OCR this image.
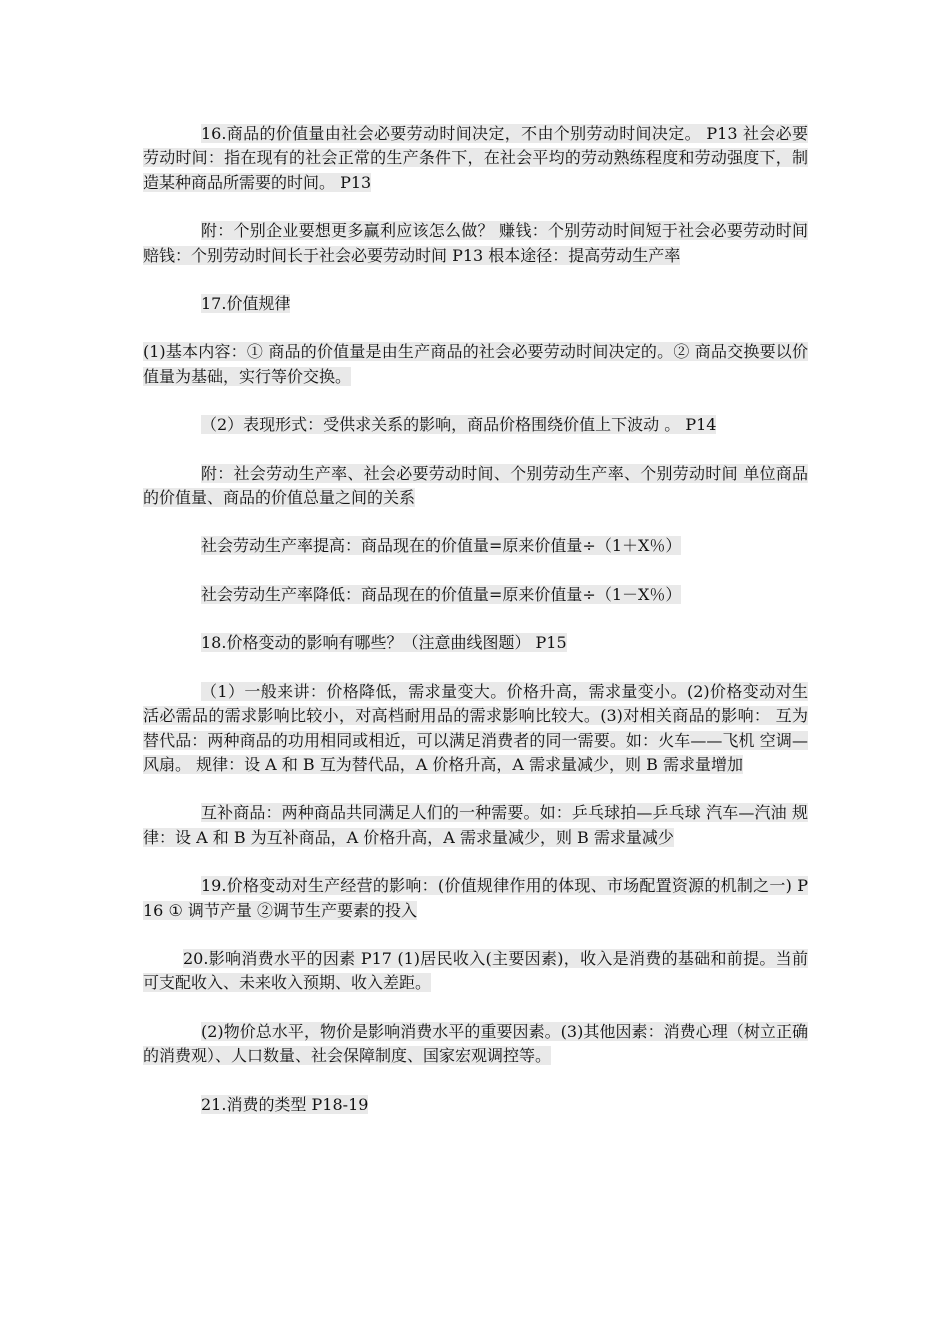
16.商品的价值量由社会必要劳动时间决定，不由个别劳动时间决定。 P13 社会必要劳动时间：指在现有的社会正常的生产条件下，在社会平均的劳动熟练程度和劳动强度下，制造某种商品所需要的时间。 P13

附：个别企业要想更多赢利应该怎么做？ 赚钱：个别劳动时间短于社会必要劳动时间 赔钱：个别劳动时间长于社会必要劳动时间 P13 根本途径：提高劳动生产率

17.价值规律

(1)基本内容：① 商品的价值量是由生产商品的社会必要劳动时间决定的。② 商品交换要以价值量为基础，实行等价交换。

（2）表现形式：受供求关系的影响，商品价格围绕价值上下波动 。 P14

附：社会劳动生产率、社会必要劳动时间、个别劳动生产率、个别劳动时间 单位商品的价值量、商品的价值总量之间的关系

社会劳动生产率提高：商品现在的价值量=原来价值量÷（1＋X％）

社会劳动生产率降低：商品现在的价值量=原来价值量÷（1－X％）

18.价格变动的影响有哪些？（注意曲线图题） P15

（1）一般来讲：价格降低，需求量变大。价格升高，需求量变小。(2)价格变动对生活必需品的需求影响比较小，对高档耐用品的需求影响比较大。(3)对相关商品的影响： 互为替代品：两种商品的功用相同或相近，可以满足消费者的同一需要。如：火车——飞机 空调—风扇。 规律：设 A 和 B 互为替代品，A 价格升高，A 需求量减少，则 B 需求量增加

互补商品：两种商品共同满足人们的一种需要。如：乒乓球拍—乒乓球 汽车—汽油 规律：设 A 和 B 为互补商品，A 价格升高，A 需求量减少，则 B 需求量减少

19.价格变动对生产经营的影响：(价值规律作用的体现、市场配置资源的机制之一) P16 ① 调节产量 ②调节生产要素的投入

20.影响消费水平的因素 P17 (1)居民收入(主要因素)，收入是消费的基础和前提。当前可支配收入、未来收入预期、收入差距。

(2)物价总水平，物价是影响消费水平的重要因素。(3)其他因素：消费心理（树立正确的消费观）、人口数量、社会保障制度、国家宏观调控等。

21.消费的类型 P18-19
